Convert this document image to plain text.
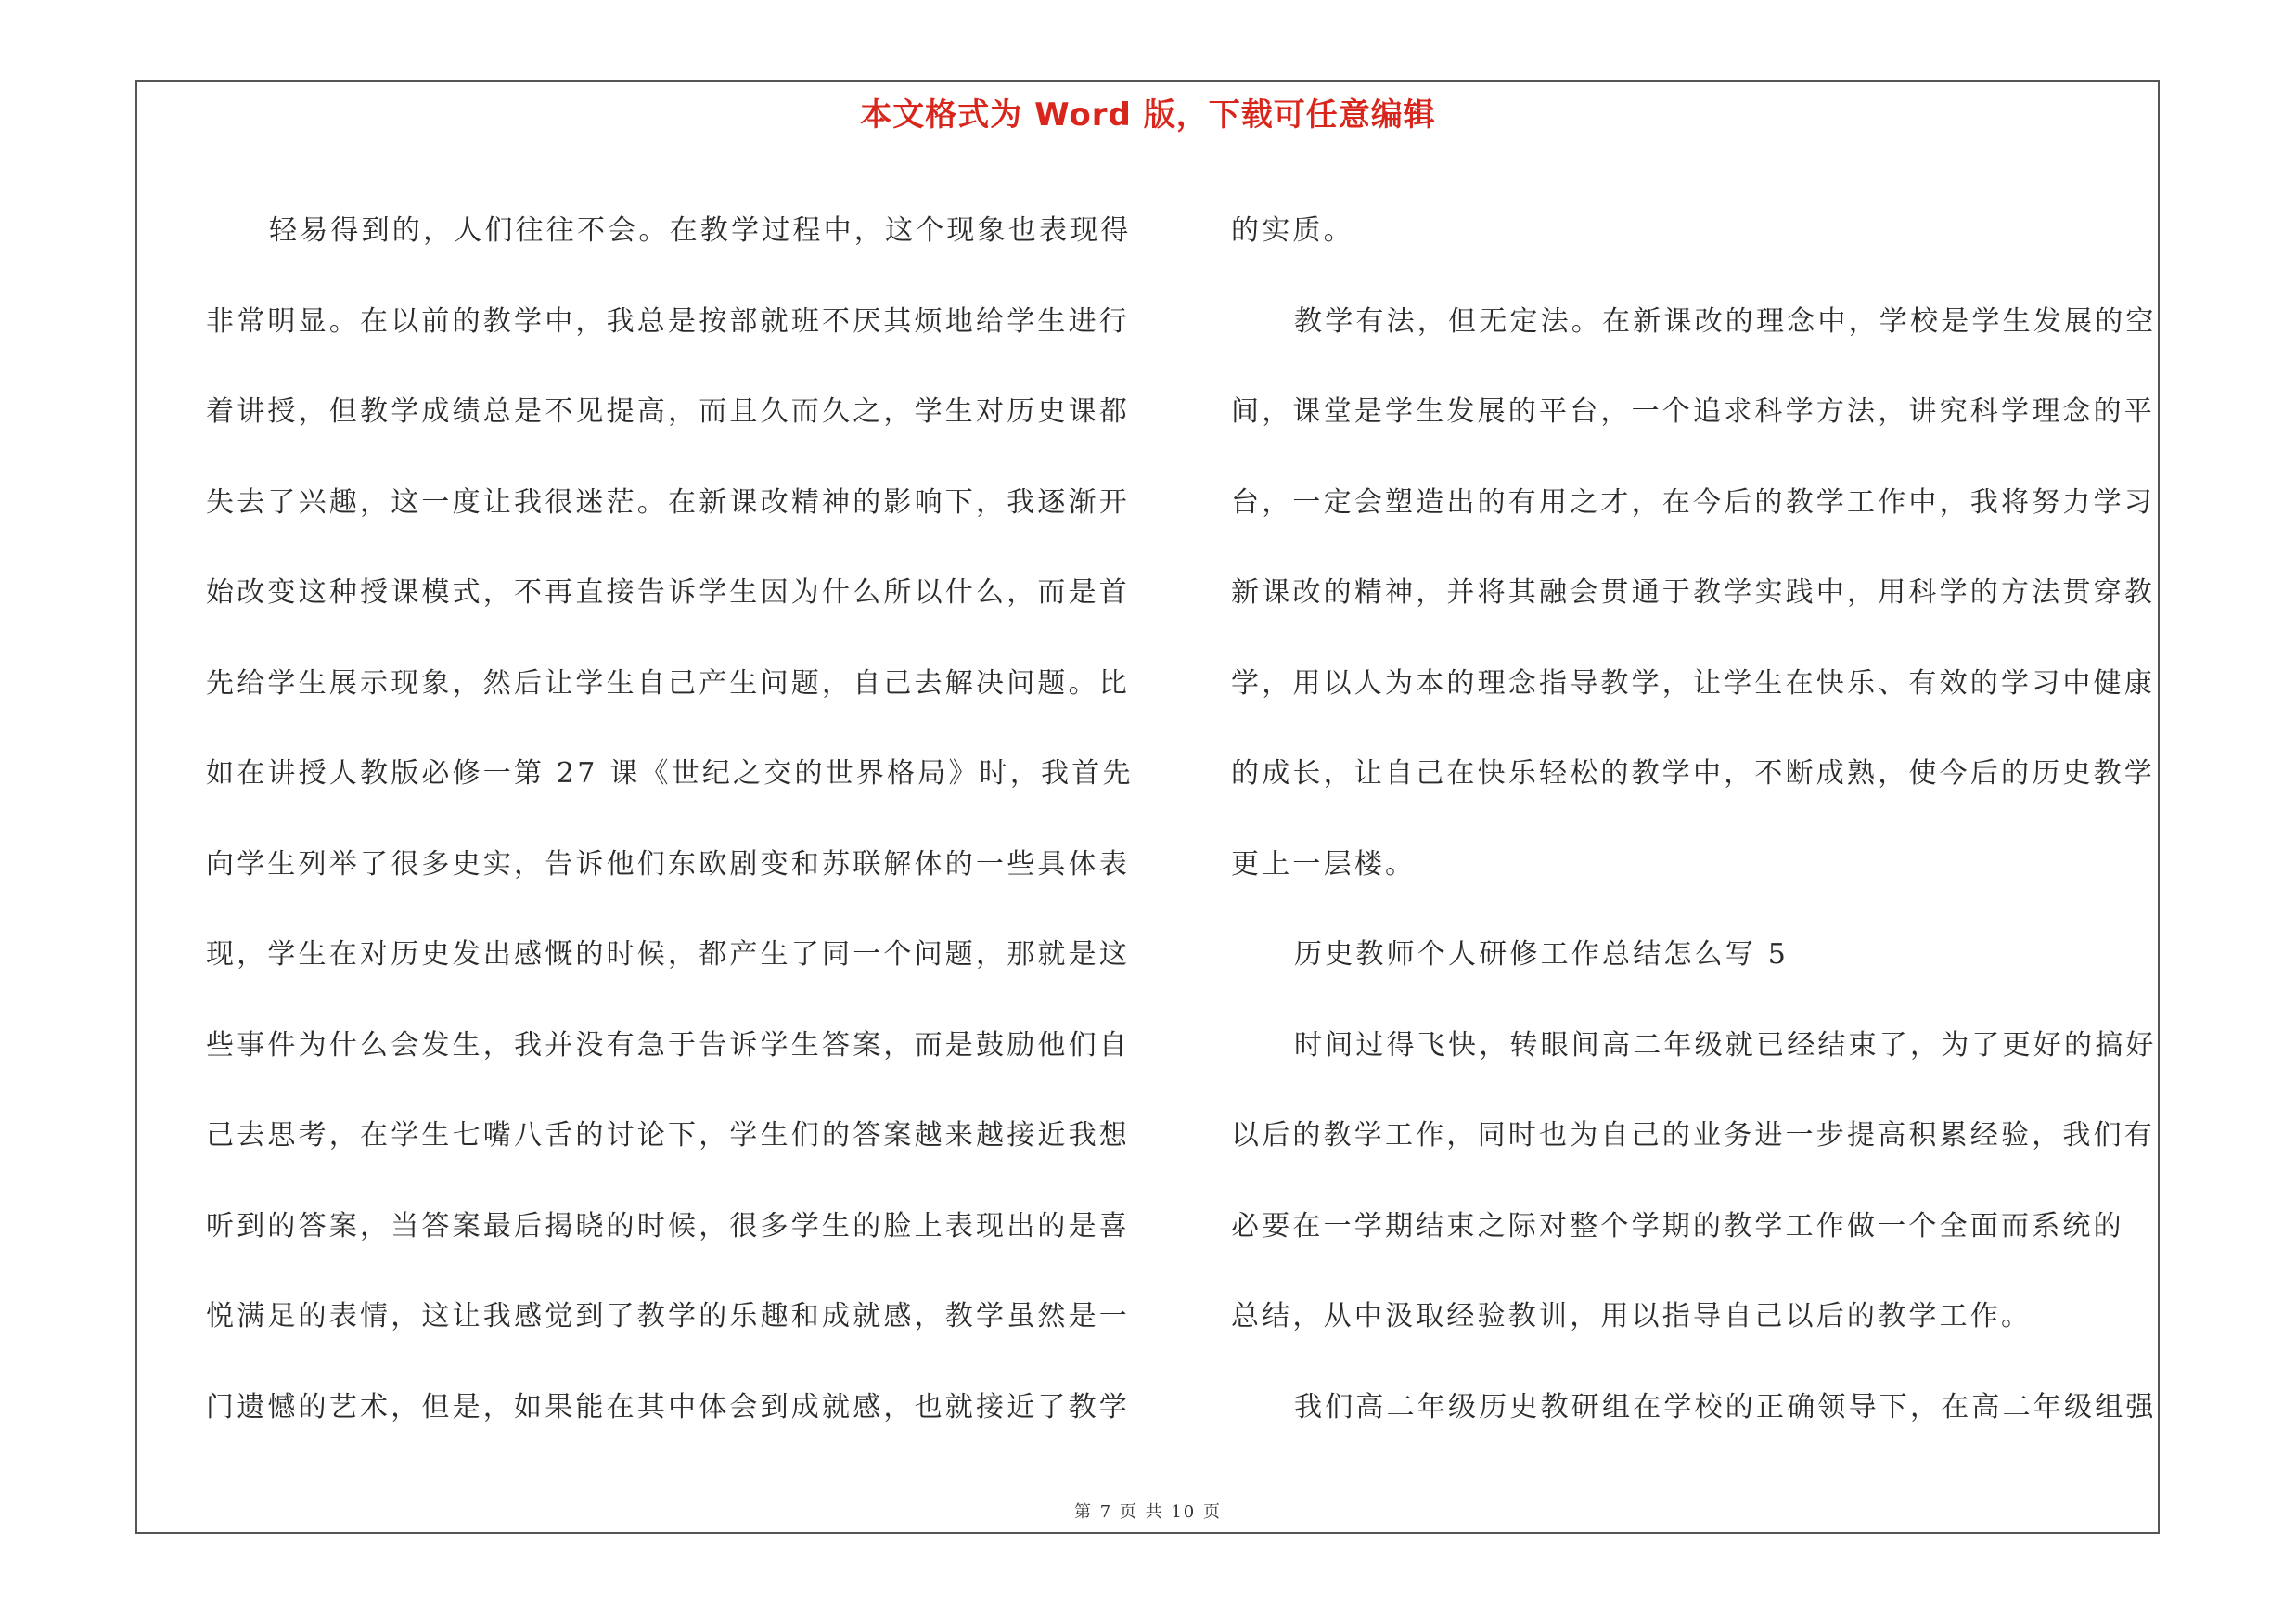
本文格式为 Word 版，下载可任意编辑
轻易得到的，人们往往不会。在教学过程中，这个现象也表现得
非常明显。在以前的教学中，我总是按部就班不厌其烦地给学生进行
着讲授，但教学成绩总是不见提高，而且久而久之，学生对历史课都
失去了兴趣，这一度让我很迷茫。在新课改精神的影响下，我逐渐开
始改变这种授课模式，不再直接告诉学生因为什么所以什么，而是首
先给学生展示现象，然后让学生自己产生问题，自己去解决问题。比
如在讲授人教版必修一第 27 课《世纪之交的世界格局》时，我首先
向学生列举了很多史实，告诉他们东欧剧变和苏联解体的一些具体表
现，学生在对历史发出感慨的时候，都产生了同一个问题，那就是这
些事件为什么会发生，我并没有急于告诉学生答案，而是鼓励他们自
己去思考，在学生七嘴八舌的讨论下，学生们的答案越来越接近我想
听到的答案，当答案最后揭晓的时候，很多学生的脸上表现出的是喜
悦满足的表情，这让我感觉到了教学的乐趣和成就感，教学虽然是一
门遗憾的艺术，但是，如果能在其中体会到成就感，也就接近了教学
的实质。
教学有法，但无定法。在新课改的理念中，学校是学生发展的空
间，课堂是学生发展的平台，一个追求科学方法，讲究科学理念的平
台，一定会塑造出的有用之才，在今后的教学工作中，我将努力学习
新课改的精神，并将其融会贯通于教学实践中，用科学的方法贯穿教
学，用以人为本的理念指导教学，让学生在快乐、有效的学习中健康
的成长，让自己在快乐轻松的教学中，不断成熟，使今后的历史教学
更上一层楼。
历史教师个人研修工作总结怎么写 5
时间过得飞快，转眼间高二年级就已经结束了，为了更好的搞好
以后的教学工作，同时也为自己的业务进一步提高积累经验，我们有
必要在一学期结束之际对整个学期的教学工作做一个全面而系统的
总结，从中汲取经验教训，用以指导自己以后的教学工作。
我们高二年级历史教研组在学校的正确领导下，在高二年级组强
第 7 页 共 10 页
